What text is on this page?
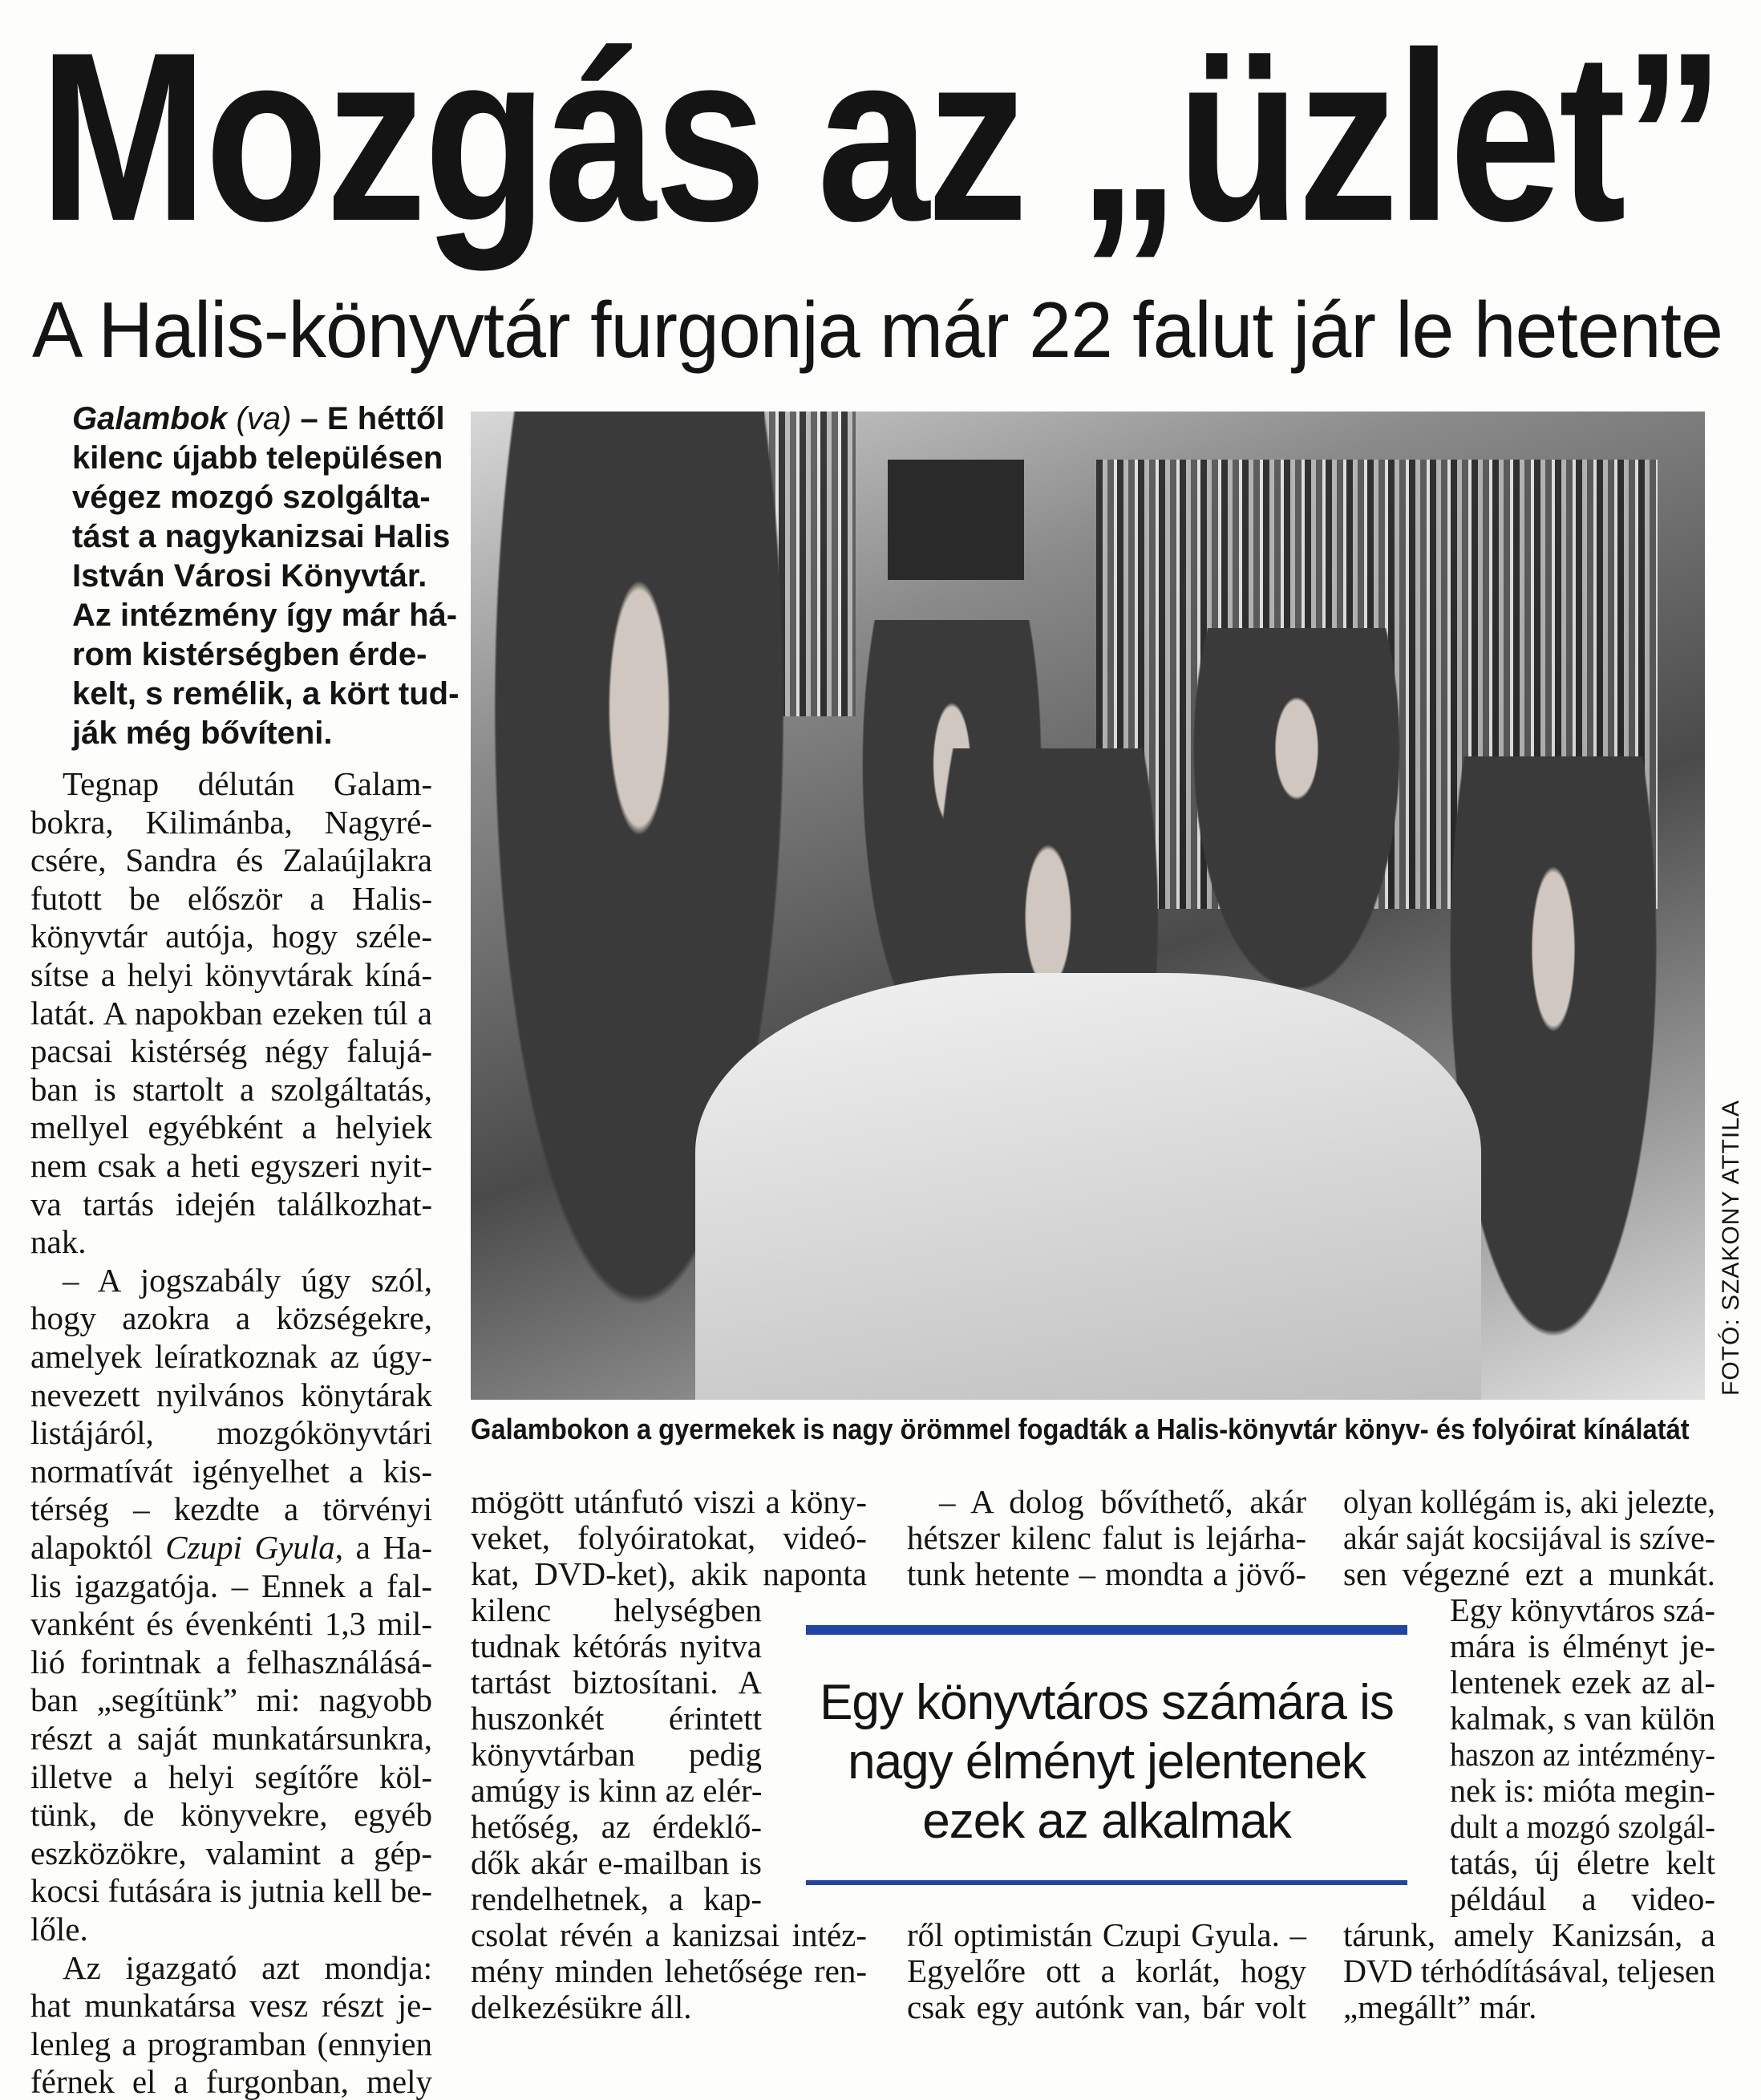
Mozgás az „üzlet”
A Halis-könyvtár furgonja már 22 falut jár le hetente
Galambok (va) – E héttől
kilenc újabb településen
végez mozgó szolgálta-
tást a nagykanizsai Halis
István Városi Könyvtár.
Az intézmény így már há-
rom kistérségben érde-
kelt, s remélik, a kört tud-
ják még bővíteni.
Tegnap délután Galam-
bokra, Kilimánba, Nagyré-
csére, Sandra és Zalaújlakra
futott be először a Halis-
könyvtár autója, hogy széle-
sítse a helyi könyvtárak kíná-
latát. A napokban ezeken túl a
pacsai kistérség négy falujá-
ban is startolt a szolgáltatás,
mellyel egyébként a helyiek
nem csak a heti egyszeri nyit-
va tartás idején találkozhat-
nak.
– A jogszabály úgy szól,
hogy azokra a községekre,
amelyek leíratkoznak az úgy-
nevezett nyilvános könytárak
listájáról, mozgókönyvtári
normatívát igényelhet a kis-
térség – kezdte a törvényi
alapoktól Czupi Gyula, a Ha-
lis igazgatója. – Ennek a fal-
vanként és évenkénti 1,3 mil-
lió forintnak a felhasználásá-
ban „segítünk” mi: nagyobb
részt a saját munkatársunkra,
illetve a helyi segítőre köl-
tünk, de könyvekre, egyéb
eszközökre, valamint a gép-
kocsi futására is jutnia kell be-
lőle.
Az igazgató azt mondja:
hat munkatársa vesz részt je-
lenleg a programban (ennyien
férnek el a furgonban, mely
mögött utánfutó viszi a köny-
veket, folyóiratokat, videó-
kat, DVD-ket), akik naponta
kilenc helységben
tudnak kétórás nyitva
tartást biztosítani. A
huszonkét érintett
könyvtárban pedig
amúgy is kinn az elér-
hetőség, az érdeklő-
dők akár e-mailban is
rendelhetnek, a kap-
csolat révén a kanizsai intéz-
mény minden lehetősége ren-
delkezésükre áll.
– A dolog bővíthető, akár
hétszer kilenc falut is lejárha-
tunk hetente – mondta a jövő-
ről optimistán Czupi Gyula. –
Egyelőre ott a korlát, hogy
csak egy autónk van, bár volt
olyan kollégám is, aki jelezte,
akár saját kocsijával is szíve-
sen végezné ezt a munkát.
Egy könyvtáros szá-
mára is élményt je-
lentenek ezek az al-
kalmak, s van külön
haszon az intézmény-
nek is: mióta megin-
dult a mozgó szolgál-
tatás, új életre kelt
például a video-
tárunk, amely Kanizsán, a
DVD térhódításával, teljesen
„megállt” már.
Galambokon a gyermekek is nagy örömmel fogadták a Halis-könyvtár könyv- és folyóirat kínálatát
FOTÓ: SZAKONY ATTILA
Egy könyvtáros számára is
nagy élményt jelentenek
ezek az alkalmak
